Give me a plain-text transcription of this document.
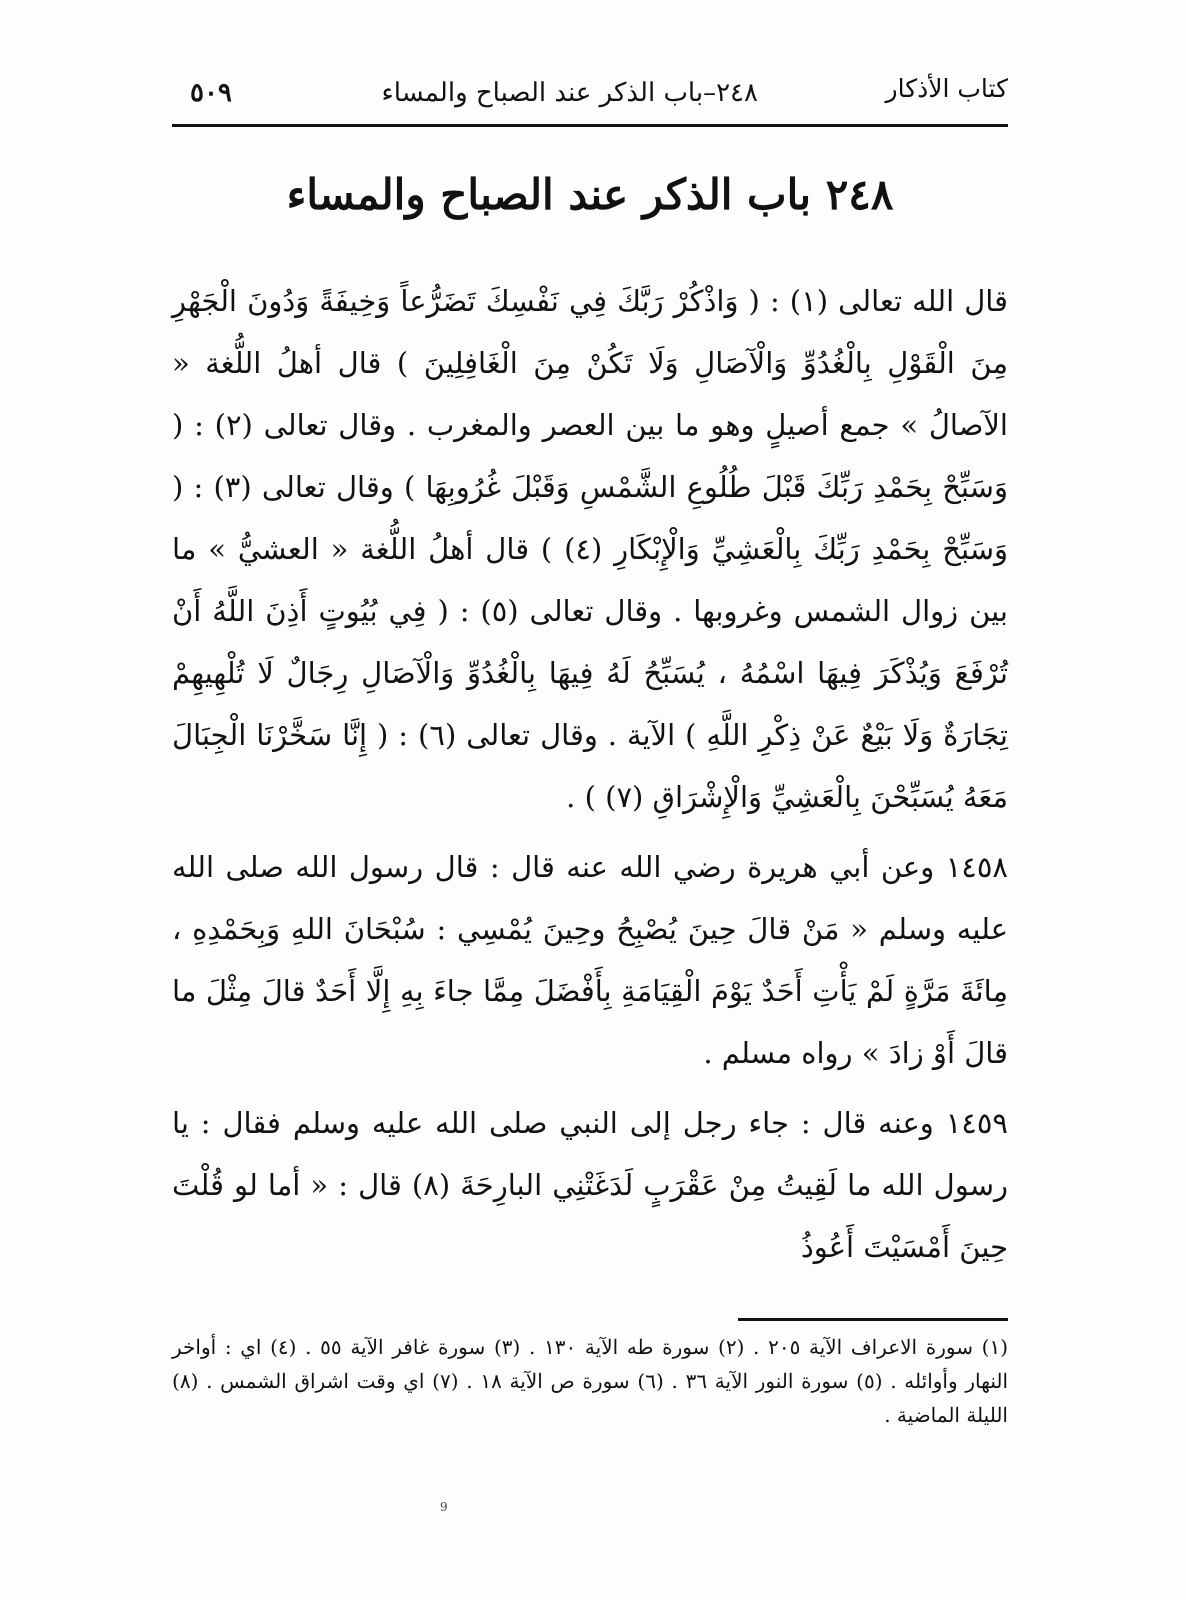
كتاب الأذكار
٢٤٨–باب الذكر عند الصباح والمساء
٥٠٩
٢٤٨ باب الذكر عند الصباح والمساء

قال الله تعالى (١) : ( وَاذْكُرْ رَبَّكَ فِي نَفْسِكَ تَضَرُّعاً وَخِيفَةً وَدُونَ الْجَهْرِ مِنَ الْقَوْلِ بِالْغُدُوِّ وَالْآصَالِ وَلَا تَكُنْ مِنَ الْغَافِلِينَ ) قال أهلُ اللُّغة « الآصالُ » جمع أصيلٍ وهو ما بين العصر والمغرب . وقال تعالى (٢) : ( وَسَبِّحْ بِحَمْدِ رَبِّكَ قَبْلَ طُلُوعِ الشَّمْسِ وَقَبْلَ غُرُوبِهَا ) وقال تعالى (٣) : ( وَسَبِّحْ بِحَمْدِ رَبِّكَ بِالْعَشِيِّ وَالْإِبْكَارِ (٤) ) قال أهلُ اللُّغة « العشيُّ » ما بين زوال الشمس وغروبها . وقال تعالى (٥) : ( فِي بُيُوتٍ أَذِنَ اللَّهُ أَنْ تُرْفَعَ وَيُذْكَرَ فِيهَا اسْمُهُ ، يُسَبِّحُ لَهُ فِيهَا بِالْغُدُوِّ وَالْآصَالِ رِجَالٌ لَا تُلْهِيهِمْ تِجَارَةٌ وَلَا بَيْعٌ عَنْ ذِكْرِ اللَّهِ ) الآية . وقال تعالى (٦) : ( إِنَّا سَخَّرْنَا الْجِبَالَ مَعَهُ يُسَبِّحْنَ بِالْعَشِيِّ وَالْإِشْرَاقِ (٧) ) .

١٤٥٨ وعن أبي هريرة رضي الله عنه قال : قال رسول الله صلى الله عليه وسلم « مَنْ قالَ حِينَ يُصْبِحُ وحِينَ يُمْسِي : سُبْحَانَ اللهِ وَبِحَمْدِهِ ، مِائَةَ مَرَّةٍ لَمْ يَأْتِ أَحَدٌ يَوْمَ الْقِيَامَةِ بِأَفْضَلَ مِمَّا جاءَ بِهِ إِلَّا أَحَدٌ قالَ مِثْلَ ما قالَ أَوْ زادَ » رواه مسلم .

١٤٥٩ وعنه قال : جاء رجل إلى النبي صلى الله عليه وسلم فقال : يا رسول الله ما لَقِيتُ مِنْ عَقْرَبٍ لَدَغَتْنِي البارِحَةَ (٨) قال : « أما لو قُلْتَ حِينَ أَمْسَيْتَ أَعُوذُ

(١) سورة الاعراف الآية ٢٠٥ . (٢) سورة طه الآية ١٣٠ . (٣) سورة غافر الآية ٥٥ . (٤) اي : أواخر النهار وأوائله . (٥) سورة النور الآية ٣٦ . (٦) سورة ص الآية ١٨ . (٧) اي وقت اشراق الشمس . (٨) الليلة الماضية .
9
